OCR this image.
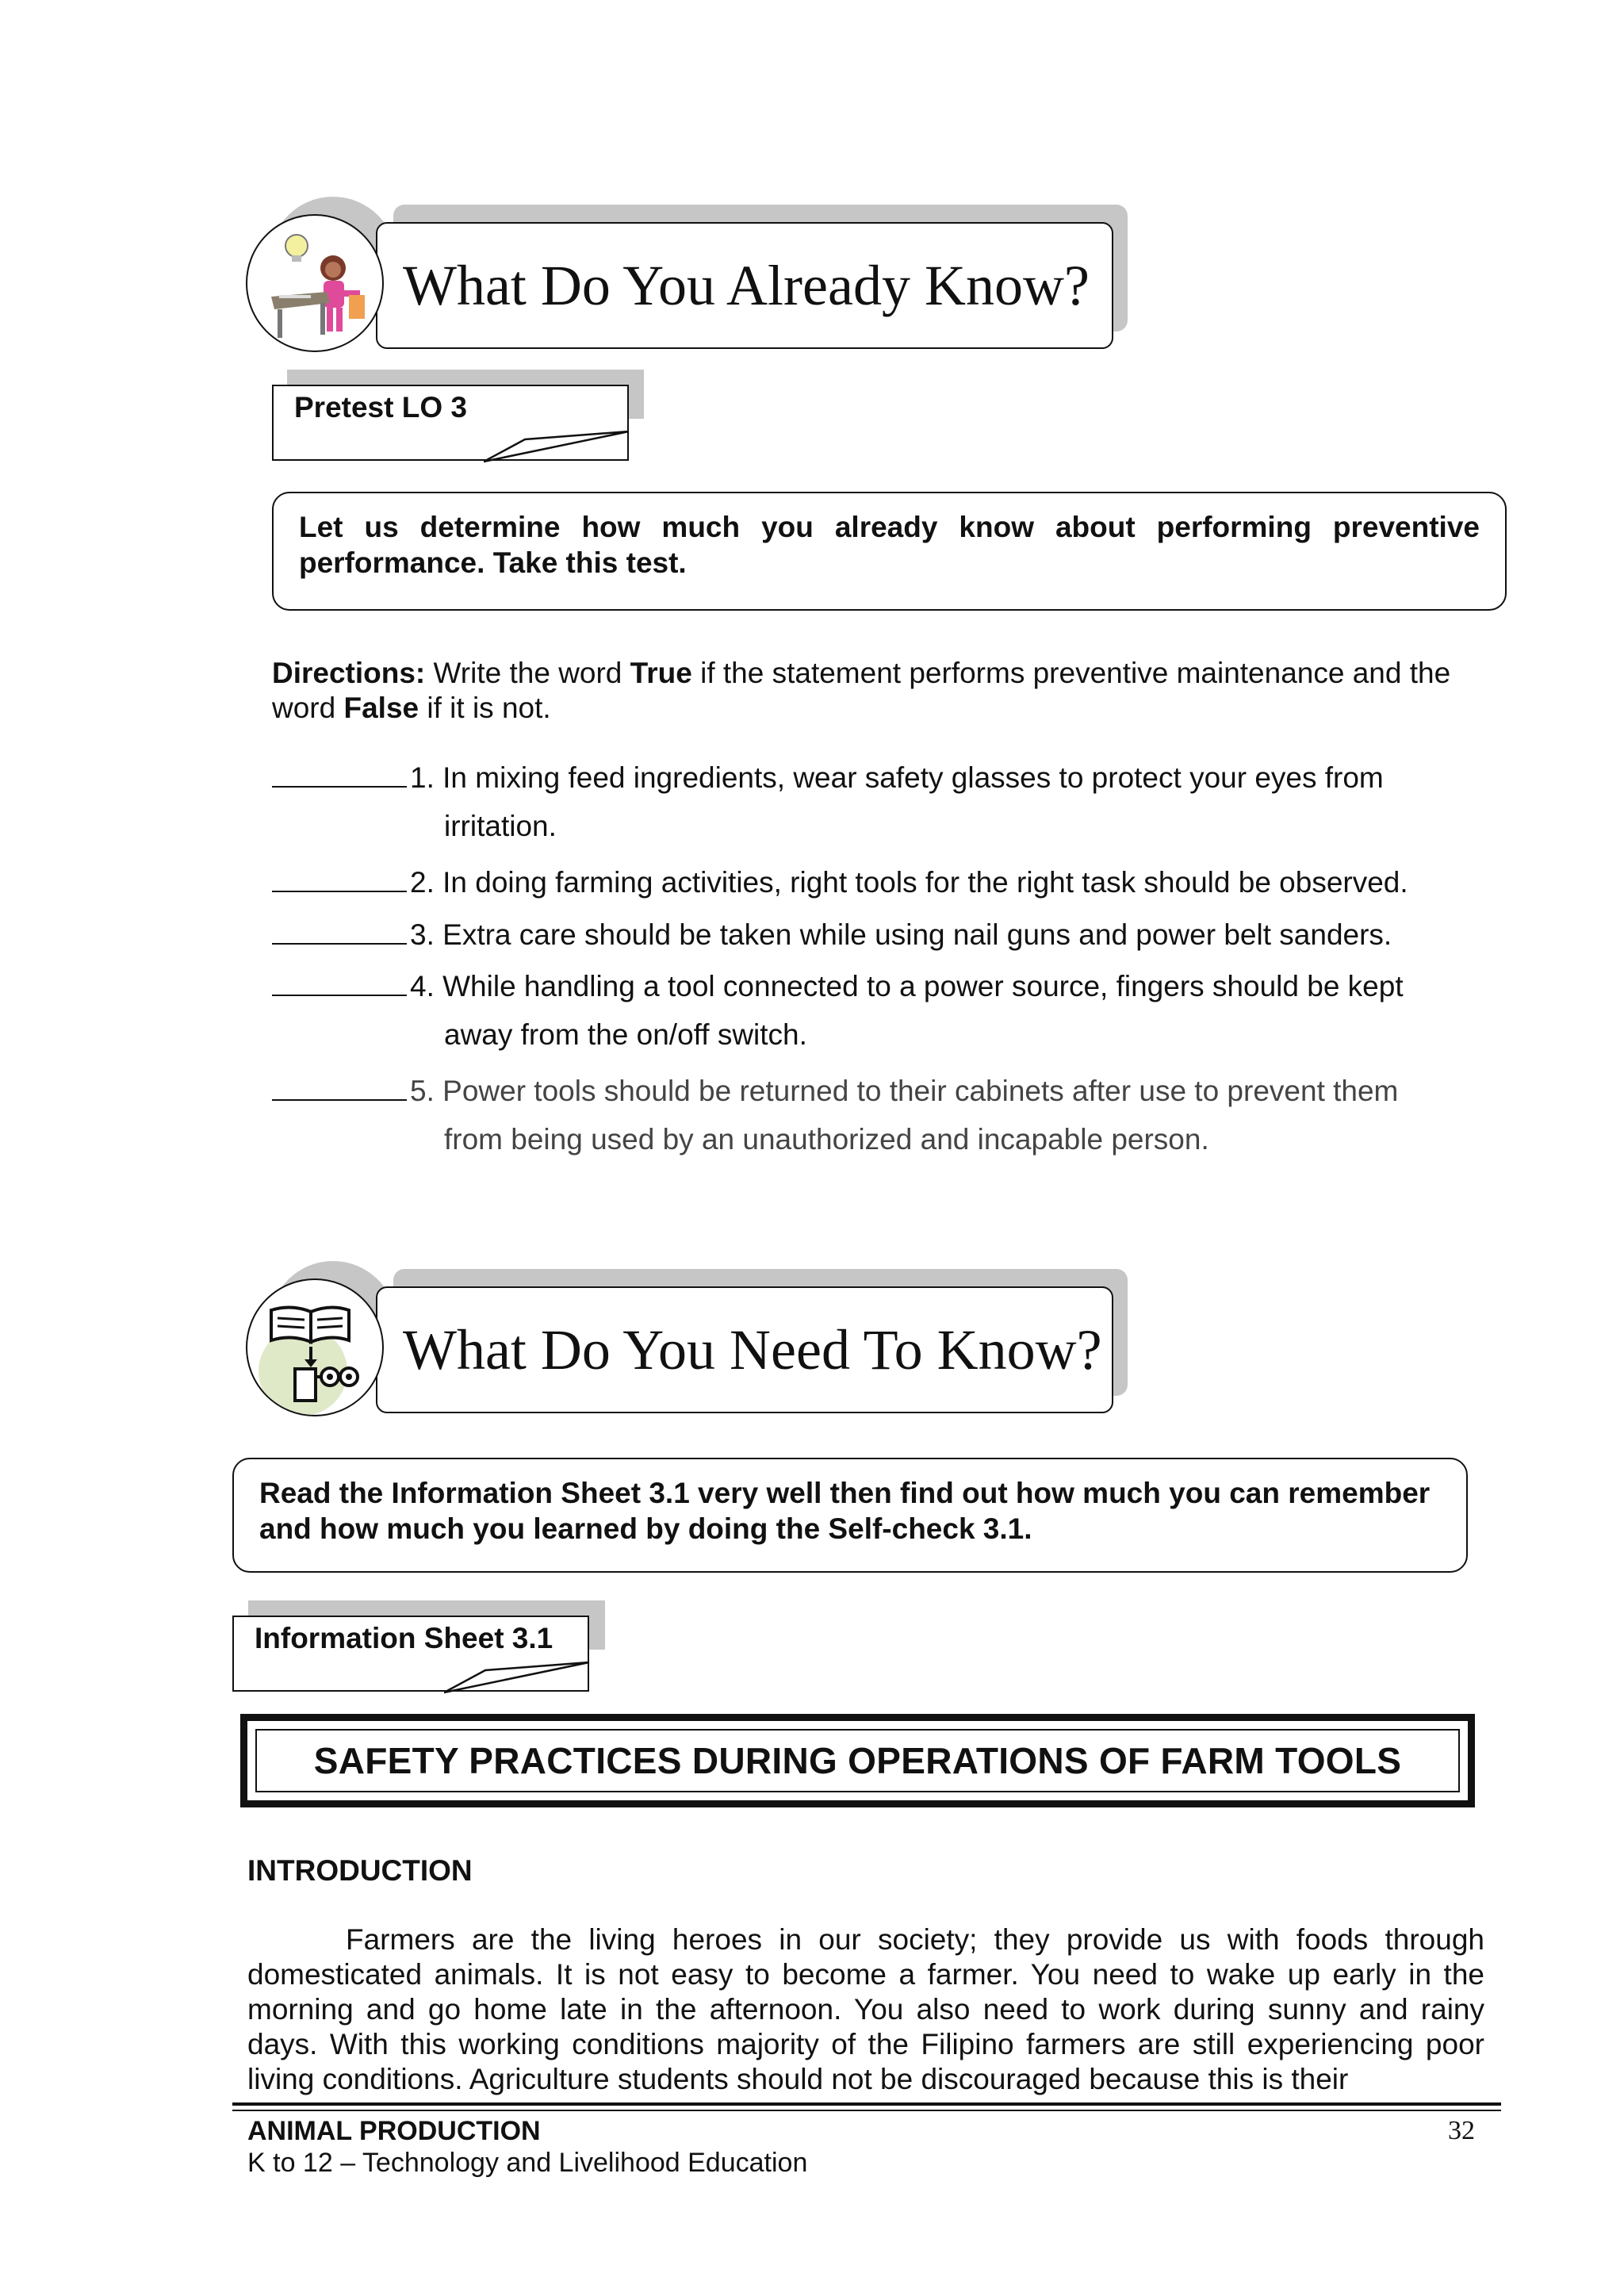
What Do You Already Know?
Pretest LO 3
Let us determine how much you already know about performing preventive performance. Take this test.
Directions: Write the word True if the statement performs preventive maintenance and the word False if it is not.
1. In mixing feed ingredients, wear safety glasses to protect your eyes from
irritation.
2. In doing farming activities, right tools for the right task should be observed.
3. Extra care should be taken while using nail guns and power belt sanders.
4. While handling a tool connected to a power source, fingers should be kept
away from the on/off switch.
5. Power tools should be returned to their cabinets after use to prevent them
from being used by an unauthorized and incapable person.
What Do You Need To Know?
Read the Information Sheet 3.1 very well then find out how much you can remember and how much you learned by doing the Self-check 3.1.
Information Sheet 3.1
SAFETY PRACTICES DURING OPERATIONS OF FARM TOOLS
INTRODUCTION
Farmers are the living heroes in our society; they provide us with foods through domesticated animals. It is not easy to become a farmer. You need to wake up early in the morning and go home late in the afternoon. You also need to work during sunny and rainy days. With this working conditions majority of the Filipino farmers are still experiencing poor living conditions. Agriculture students should not be discouraged because this is their
ANIMAL PRODUCTION	32
K to 12 – Technology and Livelihood Education
